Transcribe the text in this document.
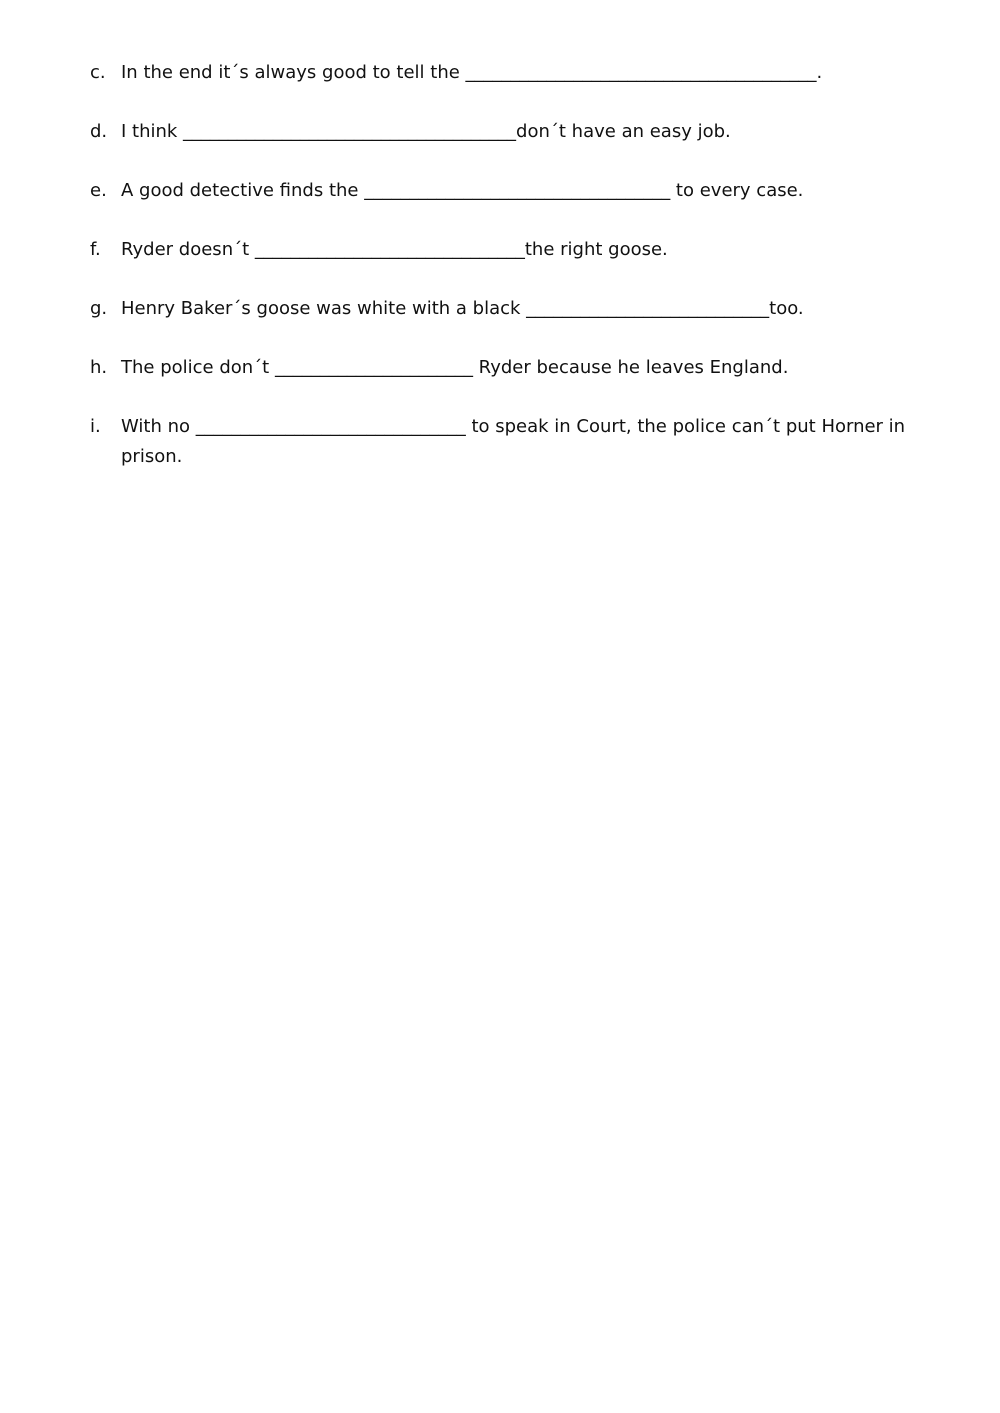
c. In the end it´s always good to tell the _______________________________________.
d. I think _____________________________________don´t have an easy job.
e. A good detective finds the __________________________________ to every case.
f.	Ryder doesn´t ______________________________the right goose.
g. Henry Baker´s goose was white with a black ___________________________too.
h. The police don´t ______________________ Ryder because he leaves England.
i.	With no ______________________________ to speak in Court, the police can´t put Horner in prison.
